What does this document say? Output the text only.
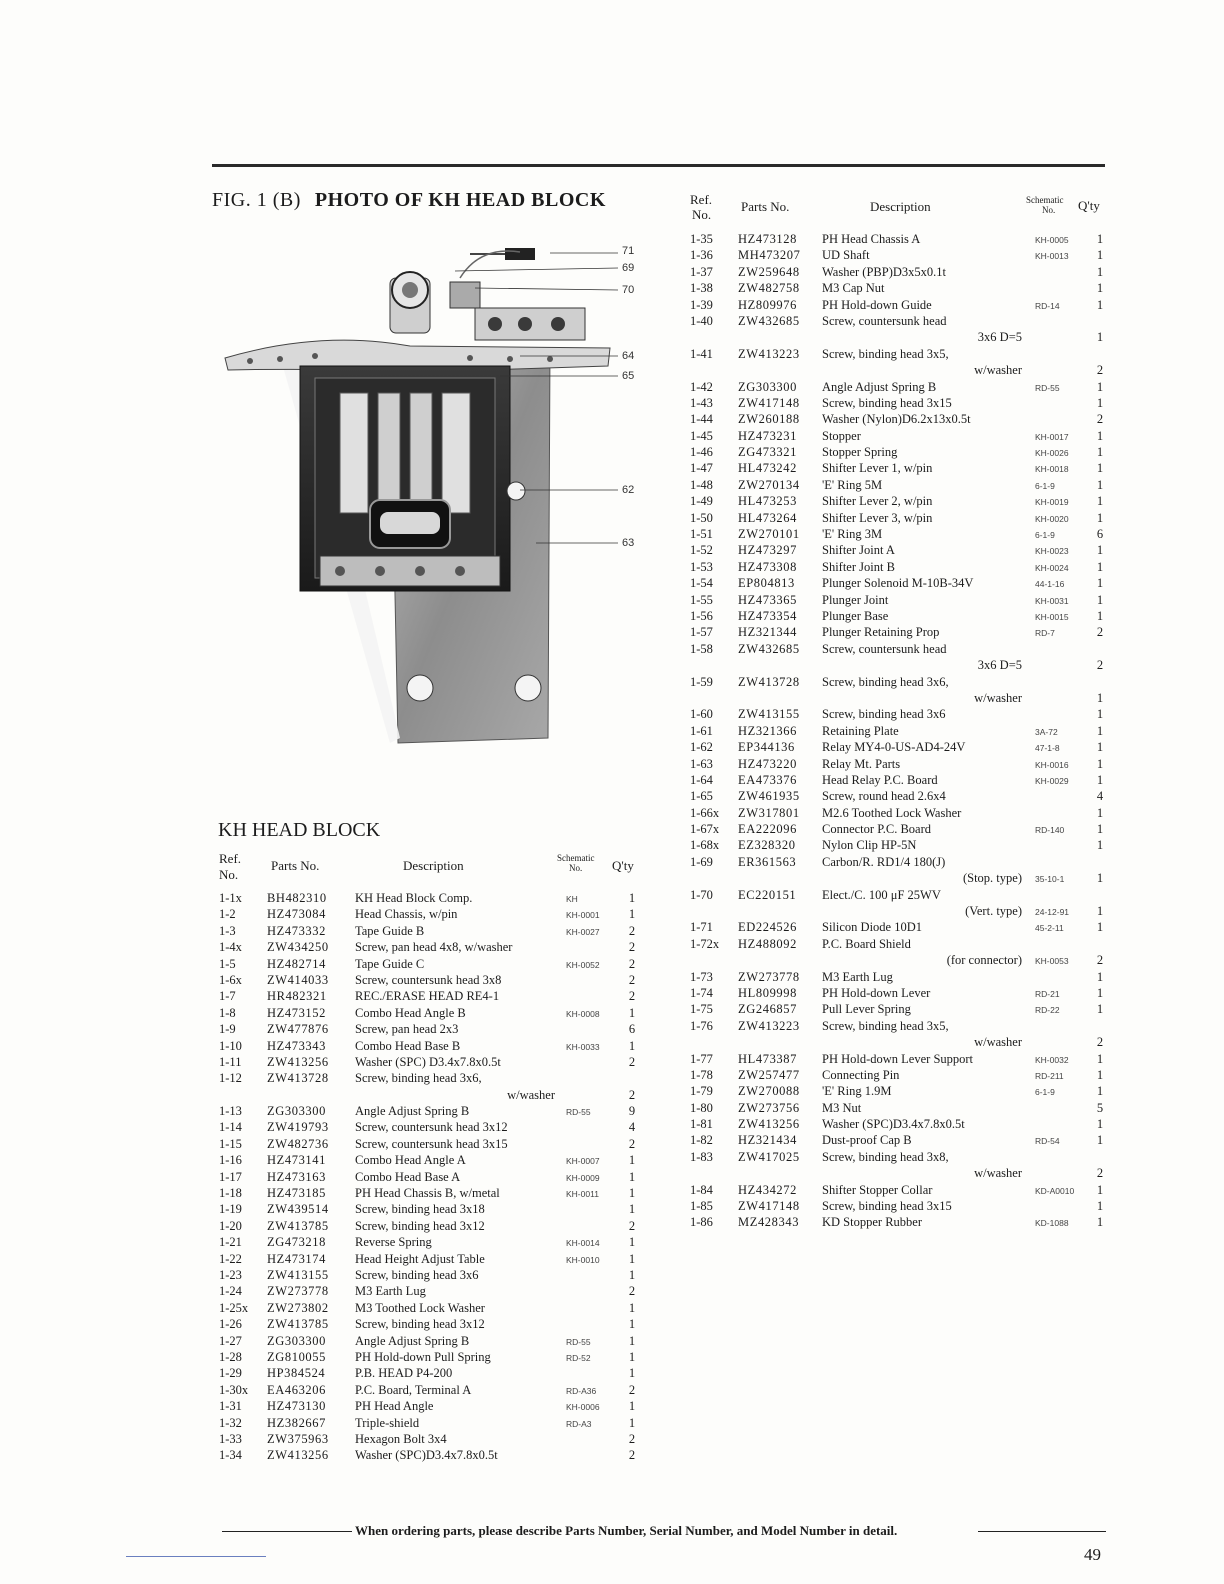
FIG. 1 (B) PHOTO OF KH HEAD BLOCK
71
69
70
64
65
62
63
KH HEAD BLOCK
Ref.
No.
Parts No.	Description	Schematic
No. Q'ty
1-1x BH482310 KH Head Block Comp.	KH	1
1-2	HZ473084 Head Chassis, w/pin	KH-0001 1
1-3	HZ473332 Tape Guide B	KH-0027 2
1-4x ZW434250 Screw, pan head 4x8, w/washer	2
1-5	HZ482714 Tape Guide C	KH-0052 2
1-6x ZW414033 Screw, countersunk head 3x8	2
1-7	HR482321 REC./ERASE HEAD RE4-1	2
1-8	HZ473152 Combo Head Angle B	KH-0008 1
1-9	ZW477876 Screw, pan head 2x3	6
1-10 HZ473343 Combo Head Base B	KH-0033 1
1-11 ZW413256 Washer (SPC) D3.4x7.8x0.5t	2
1-12 ZW413728 Screw, binding head 3x6,
w/washer	2
1-13 ZG303300 Angle Adjust Spring B	RD-55	9
1-14 ZW419793 Screw, countersunk head 3x12	4
1-15 ZW482736 Screw, countersunk head 3x15	2
1-16 HZ473141 Combo Head Angle A	KH-0007 1
1-17 HZ473163 Combo Head Base A	KH-0009 1
1-18 HZ473185 PH Head Chassis B, w/metal	KH-0011 1
1-19 ZW439514 Screw, binding head 3x18	1
1-20 ZW413785 Screw, binding head 3x12	2
1-21 ZG473218 Reverse Spring	KH-0014 1
1-22 HZ473174 Head Height Adjust Table	KH-0010 1
1-23 ZW413155 Screw, binding head 3x6	1
1-24 ZW273778 M3 Earth Lug	2
1-25x ZW273802 M3 Toothed Lock Washer	1
1-26 ZW413785 Screw, binding head 3x12	1
1-27 ZG303300 Angle Adjust Spring B	RD-55	1
1-28 ZG810055 PH Hold-down Pull Spring	RD-52	1
1-29 HP384524 P.B. HEAD P4-200	1
1-30x EA463206 P.C. Board, Terminal A	RD-A36	2
1-31 HZ473130 PH Head Angle	KH-0006 1
1-32 HZ382667 Triple-shield	RD-A3	1
1-33 ZW375963 Hexagon Bolt 3x4	2
1-34 ZW413256 Washer (SPC)D3.4x7.8x0.5t	2
Ref.
No.
Parts No.	Description	Schematic
No. Q'ty
1-35 HZ473128 PH Head Chassis A	KH-0005 1
1-36 MH473207 UD Shaft	KH-0013 1
1-37 ZW259648 Washer (PBP)D3x5x0.1t	1
1-38 ZW482758 M3 Cap Nut	1
1-39 HZ809976 PH Hold-down Guide	RD-14	1
1-40 ZW432685 Screw, countersunk head
3x6 D=5	1
1-41 ZW413223 Screw, binding head 3x5,
w/washer	2
1-42 ZG303300 Angle Adjust Spring B	RD-55	1
1-43 ZW417148 Screw, binding head 3x15	1
1-44 ZW260188 Washer (Nylon)D6.2x13x0.5t	2
1-45 HZ473231 Stopper	KH-0017 1
1-46 ZG473321 Stopper Spring	KH-0026 1
1-47 HL473242 Shifter Lever 1, w/pin	KH-0018 1
1-48 ZW270134 'E' Ring 5M	6-1-9	1
1-49 HL473253 Shifter Lever 2, w/pin	KH-0019 1
1-50 HL473264 Shifter Lever 3, w/pin	KH-0020 1
1-51 ZW270101 'E' Ring 3M	6-1-9	6
1-52 HZ473297 Shifter Joint A	KH-0023 1
1-53 HZ473308 Shifter Joint B	KH-0024 1
1-54 EP804813 Plunger Solenoid M-10B-34V	44-1-16	1
1-55 HZ473365 Plunger Joint	KH-0031 1
1-56 HZ473354 Plunger Base	KH-0015 1
1-57 HZ321344 Plunger Retaining Prop	RD-7	2
1-58 ZW432685 Screw, countersunk head
3x6 D=5	2
1-59 ZW413728 Screw, binding head 3x6,
w/washer	1
1-60 ZW413155 Screw, binding head 3x6	1
1-61 HZ321366 Retaining Plate	3A-72	1
1-62 EP344136 Relay MY4-0-US-AD4-24V	47-1-8	1
1-63 HZ473220 Relay Mt. Parts	KH-0016 1
1-64 EA473376 Head Relay P.C. Board	KH-0029 1
1-65 ZW461935 Screw, round head 2.6x4	4
1-66x ZW317801 M2.6 Toothed Lock Washer	1
1-67x EA222096 Connector P.C. Board	RD-140	1
1-68x EZ328320 Nylon Clip HP-5N	1
1-69 ER361563 Carbon/R. RD1/4 180(J)
(Stop. type) 35-10-1	1
1-70 EC220151 Elect./C. 100 μF 25WV
(Vert. type) 24-12-91 1
1-71 ED224526 Silicon Diode 10D1	45-2-11	1
1-72x HZ488092 P.C. Board Shield
(for connector) KH-0053 2
1-73 ZW273778 M3 Earth Lug	1
1-74 HL809998 PH Hold-down Lever	RD-21	1
1-75 ZG246857 Pull Lever Spring	RD-22	1
1-76 ZW413223 Screw, binding head 3x5,
w/washer	2
1-77 HL473387 PH Hold-down Lever Support	KH-0032 1
1-78 ZW257477 Connecting Pin	RD-211	1
1-79 ZW270088 'E' Ring 1.9M	6-1-9	1
1-80 ZW273756 M3 Nut	5
1-81 ZW413256 Washer (SPC)D3.4x7.8x0.5t	1
1-82 HZ321434 Dust-proof Cap B	RD-54	1
1-83 ZW417025 Screw, binding head 3x8,
w/washer	2
1-84 HZ434272 Shifter Stopper Collar	KD-A0010 1
1-85 ZW417148 Screw, binding head 3x15	1
1-86 MZ428343 KD Stopper Rubber	KD-1088 1
When ordering parts, please describe Parts Number, Serial Number, and Model Number in detail.
49
